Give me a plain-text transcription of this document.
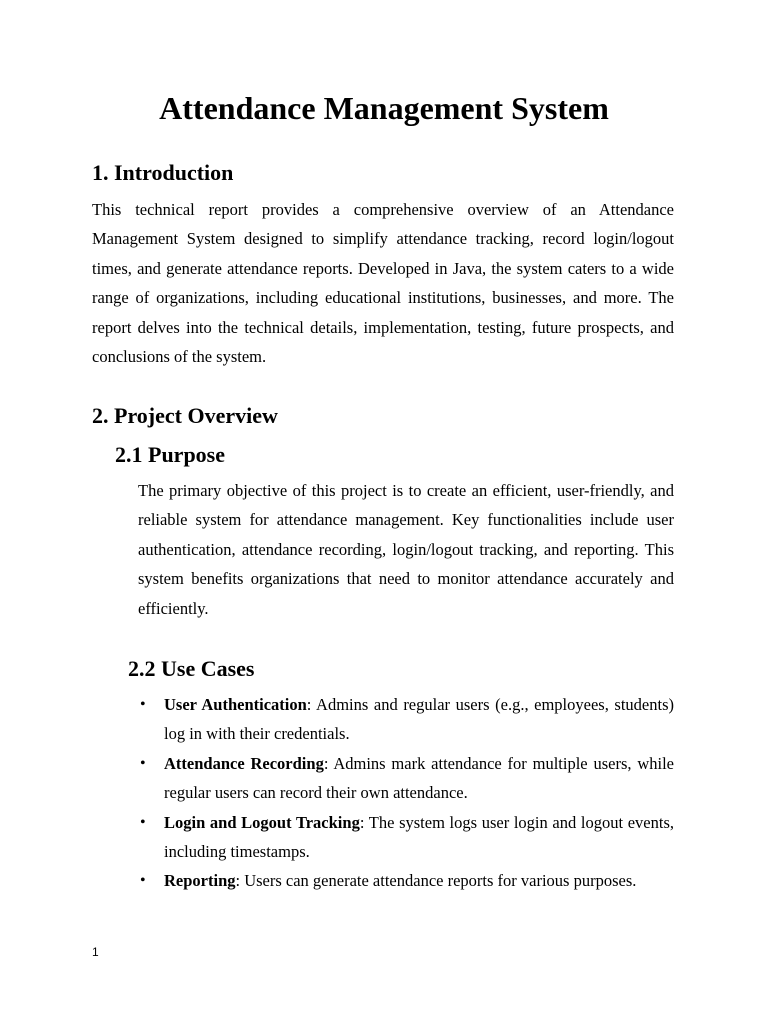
Attendance Management System
1. Introduction

This technical report provides a comprehensive overview of an Attendance Management System designed to simplify attendance tracking, record login/logout times, and generate attendance reports. Developed in Java, the system caters to a wide range of organizations, including educational institutions, businesses, and more. The report delves into the technical details, implementation, testing, future prospects, and conclusions of the system.

2. Project Overview
2.1 Purpose

The primary objective of this project is to create an efficient, user-friendly, and reliable system for attendance management. Key functionalities include user authentication, attendance recording, login/logout tracking, and reporting. This system benefits organizations that need to monitor attendance accurately and efficiently.

2.2 Use Cases
• User Authentication: Admins and regular users (e.g., employees, students) log in with their credentials.
• Attendance Recording: Admins mark attendance for multiple users, while regular users can record their own attendance.
• Login and Logout Tracking: The system logs user login and logout events, including timestamps.
• Reporting: Users can generate attendance reports for various purposes.
1
